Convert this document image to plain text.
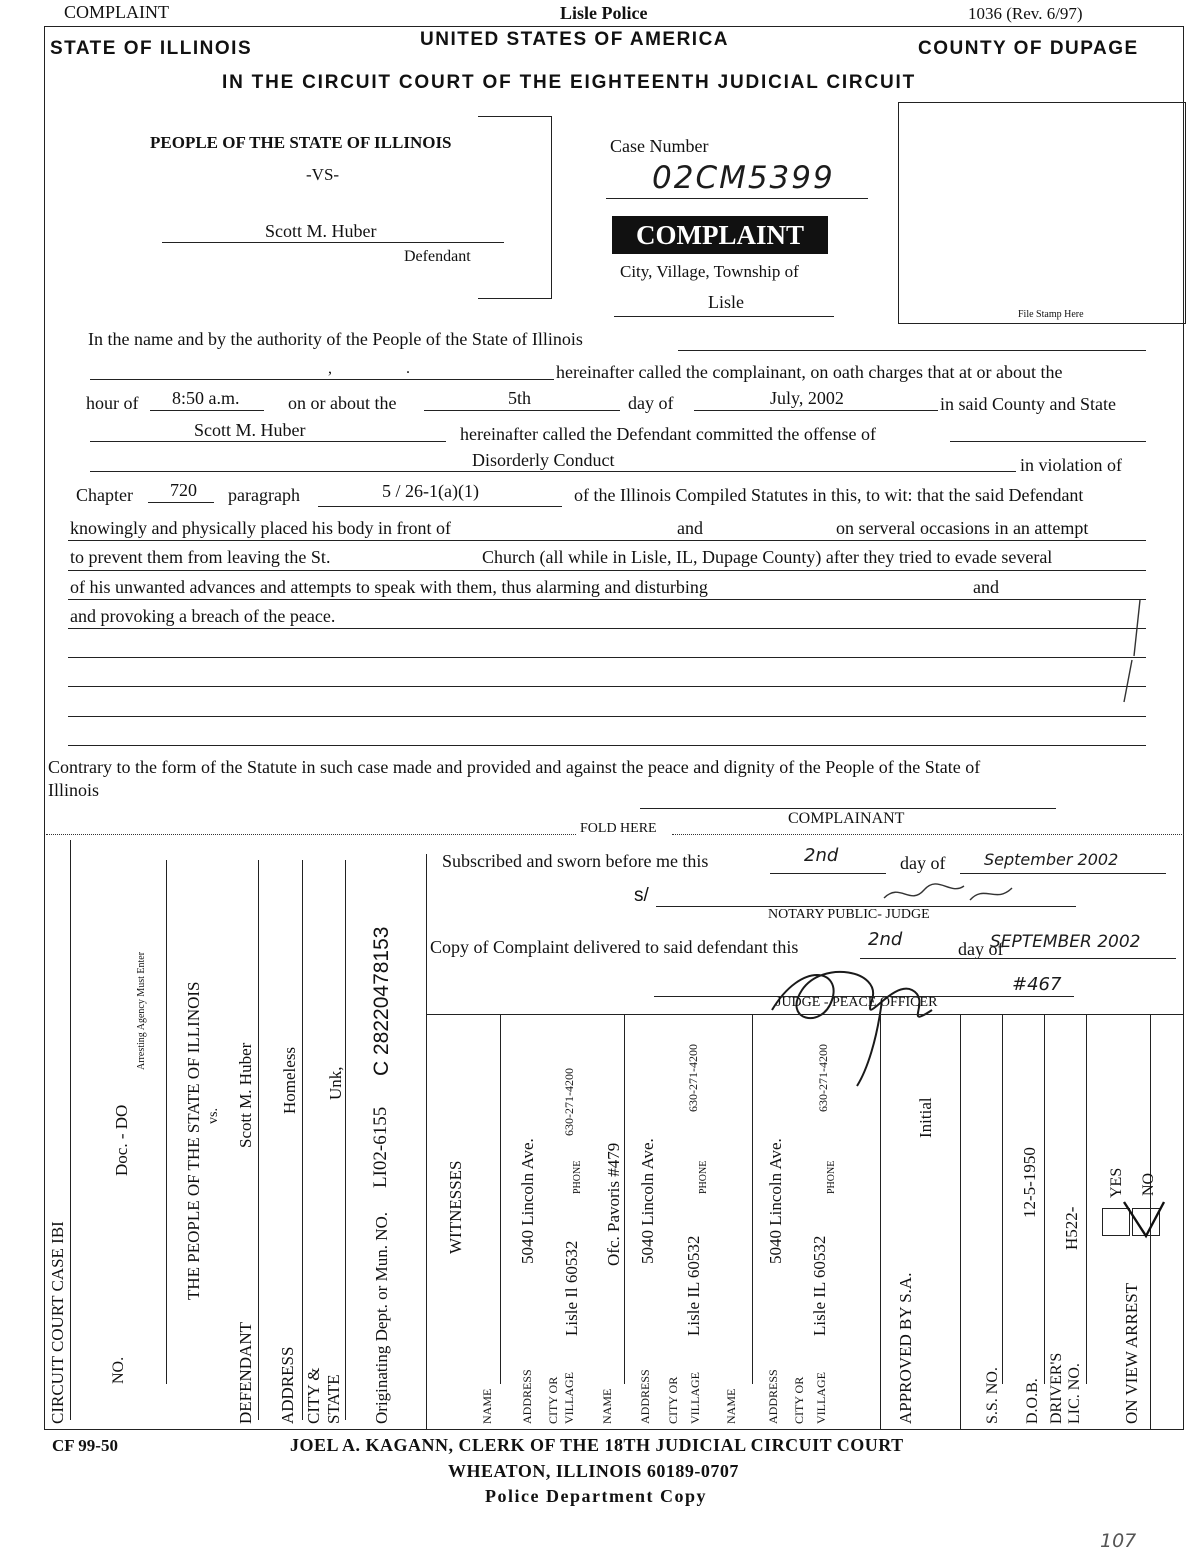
COMPLAINT	Lisle Police	1036 (Rev. 6/97)
STATE OF ILLINOIS	UNITED STATES OF AMERICA	COUNTY OF DUPAGE
IN THE CIRCUIT COURT OF THE EIGHTEENTH JUDICIAL CIRCUIT
PEOPLE OF THE STATE OF ILLINOIS
-VS-
Scott M. Huber
Defendant
Case Number
02CM5399
COMPLAINT
City, Village, Township of
Lisle
File Stamp Here
In the name and by the authority of the People of the State of Illinois
,	.	hereinafter called the complainant, on oath charges that at or about the
hour of 8:50 a.m.	on or about the	5th	day of	July, 2002	in said County and State
Scott M. Huber	hereinafter called the Defendant committed the offense of
Disorderly Conduct	in violation of
Chapter 720 paragraph	5 / 26-1(a)(1)	of the Illinois Compiled Statutes in this, to wit: that the said Defendant
knowingly and physically placed his body in front of	and	on serveral occasions in an attempt
to prevent them from leaving the St.	Church (all while in Lisle, IL, Dupage County) after they tried to evade several
of his unwanted advances and attempts to speak with them, thus alarming and disturbing	and
and provoking a breach of the peace.
Contrary to the form of the Statute in such case made and provided and against the peace and dignity of the People of the State of
Illinois
COMPLAINANT
FOLD HERE
Subscribed and sworn before me this	2nd	day of September 2002
s/
NOTARY PUBLIC- JUDGE
Copy of Complaint delivered to said defendant this	2nd	day of
SEPTEMBER 2002
#467
JUDGE - PEACE OFFICER
CIRCUIT COURT CASE IBI	NO.
Doc. - DO
Arresting Agency Must Enter THE PEOPLE OF THE STATE OF ILLINOIS vs. Scott M. Huber
DEFENDANT ADDRESS
Homeless
CITY & STATE
Unk,
Originating Dept. or Mun. NO.
LI02-6155
C 28220478153
WITNESSES
NAME ADDRESS CITY OR VILLAGE
5040 Lincoln Ave.
Lisle Il 60532
PHONE
630-271-4200
NAME
Ofc. Pavoris #479
ADDRESS
5040 Lincoln Ave.
CITY OR VILLAGE
Lisle IL 60532
PHONE
630-271-4200
NAME ADDRESS
5040 Lincoln Ave.
CITY OR VILLAGE
Lisle IL 60532
PHONE
630-271-4200
APPROVED BY S.A.
Initial
S.S. NO. D.O.B.
12-5-1950
DRIVER'S LIC. NO.
H522-
ON VIEW ARREST
YES NO
CF 99-50	JOEL A. KAGANN, CLERK OF THE 18TH JUDICIAL CIRCUIT COURT
WHEATON, ILLINOIS 60189-0707
Police Department Copy
107
